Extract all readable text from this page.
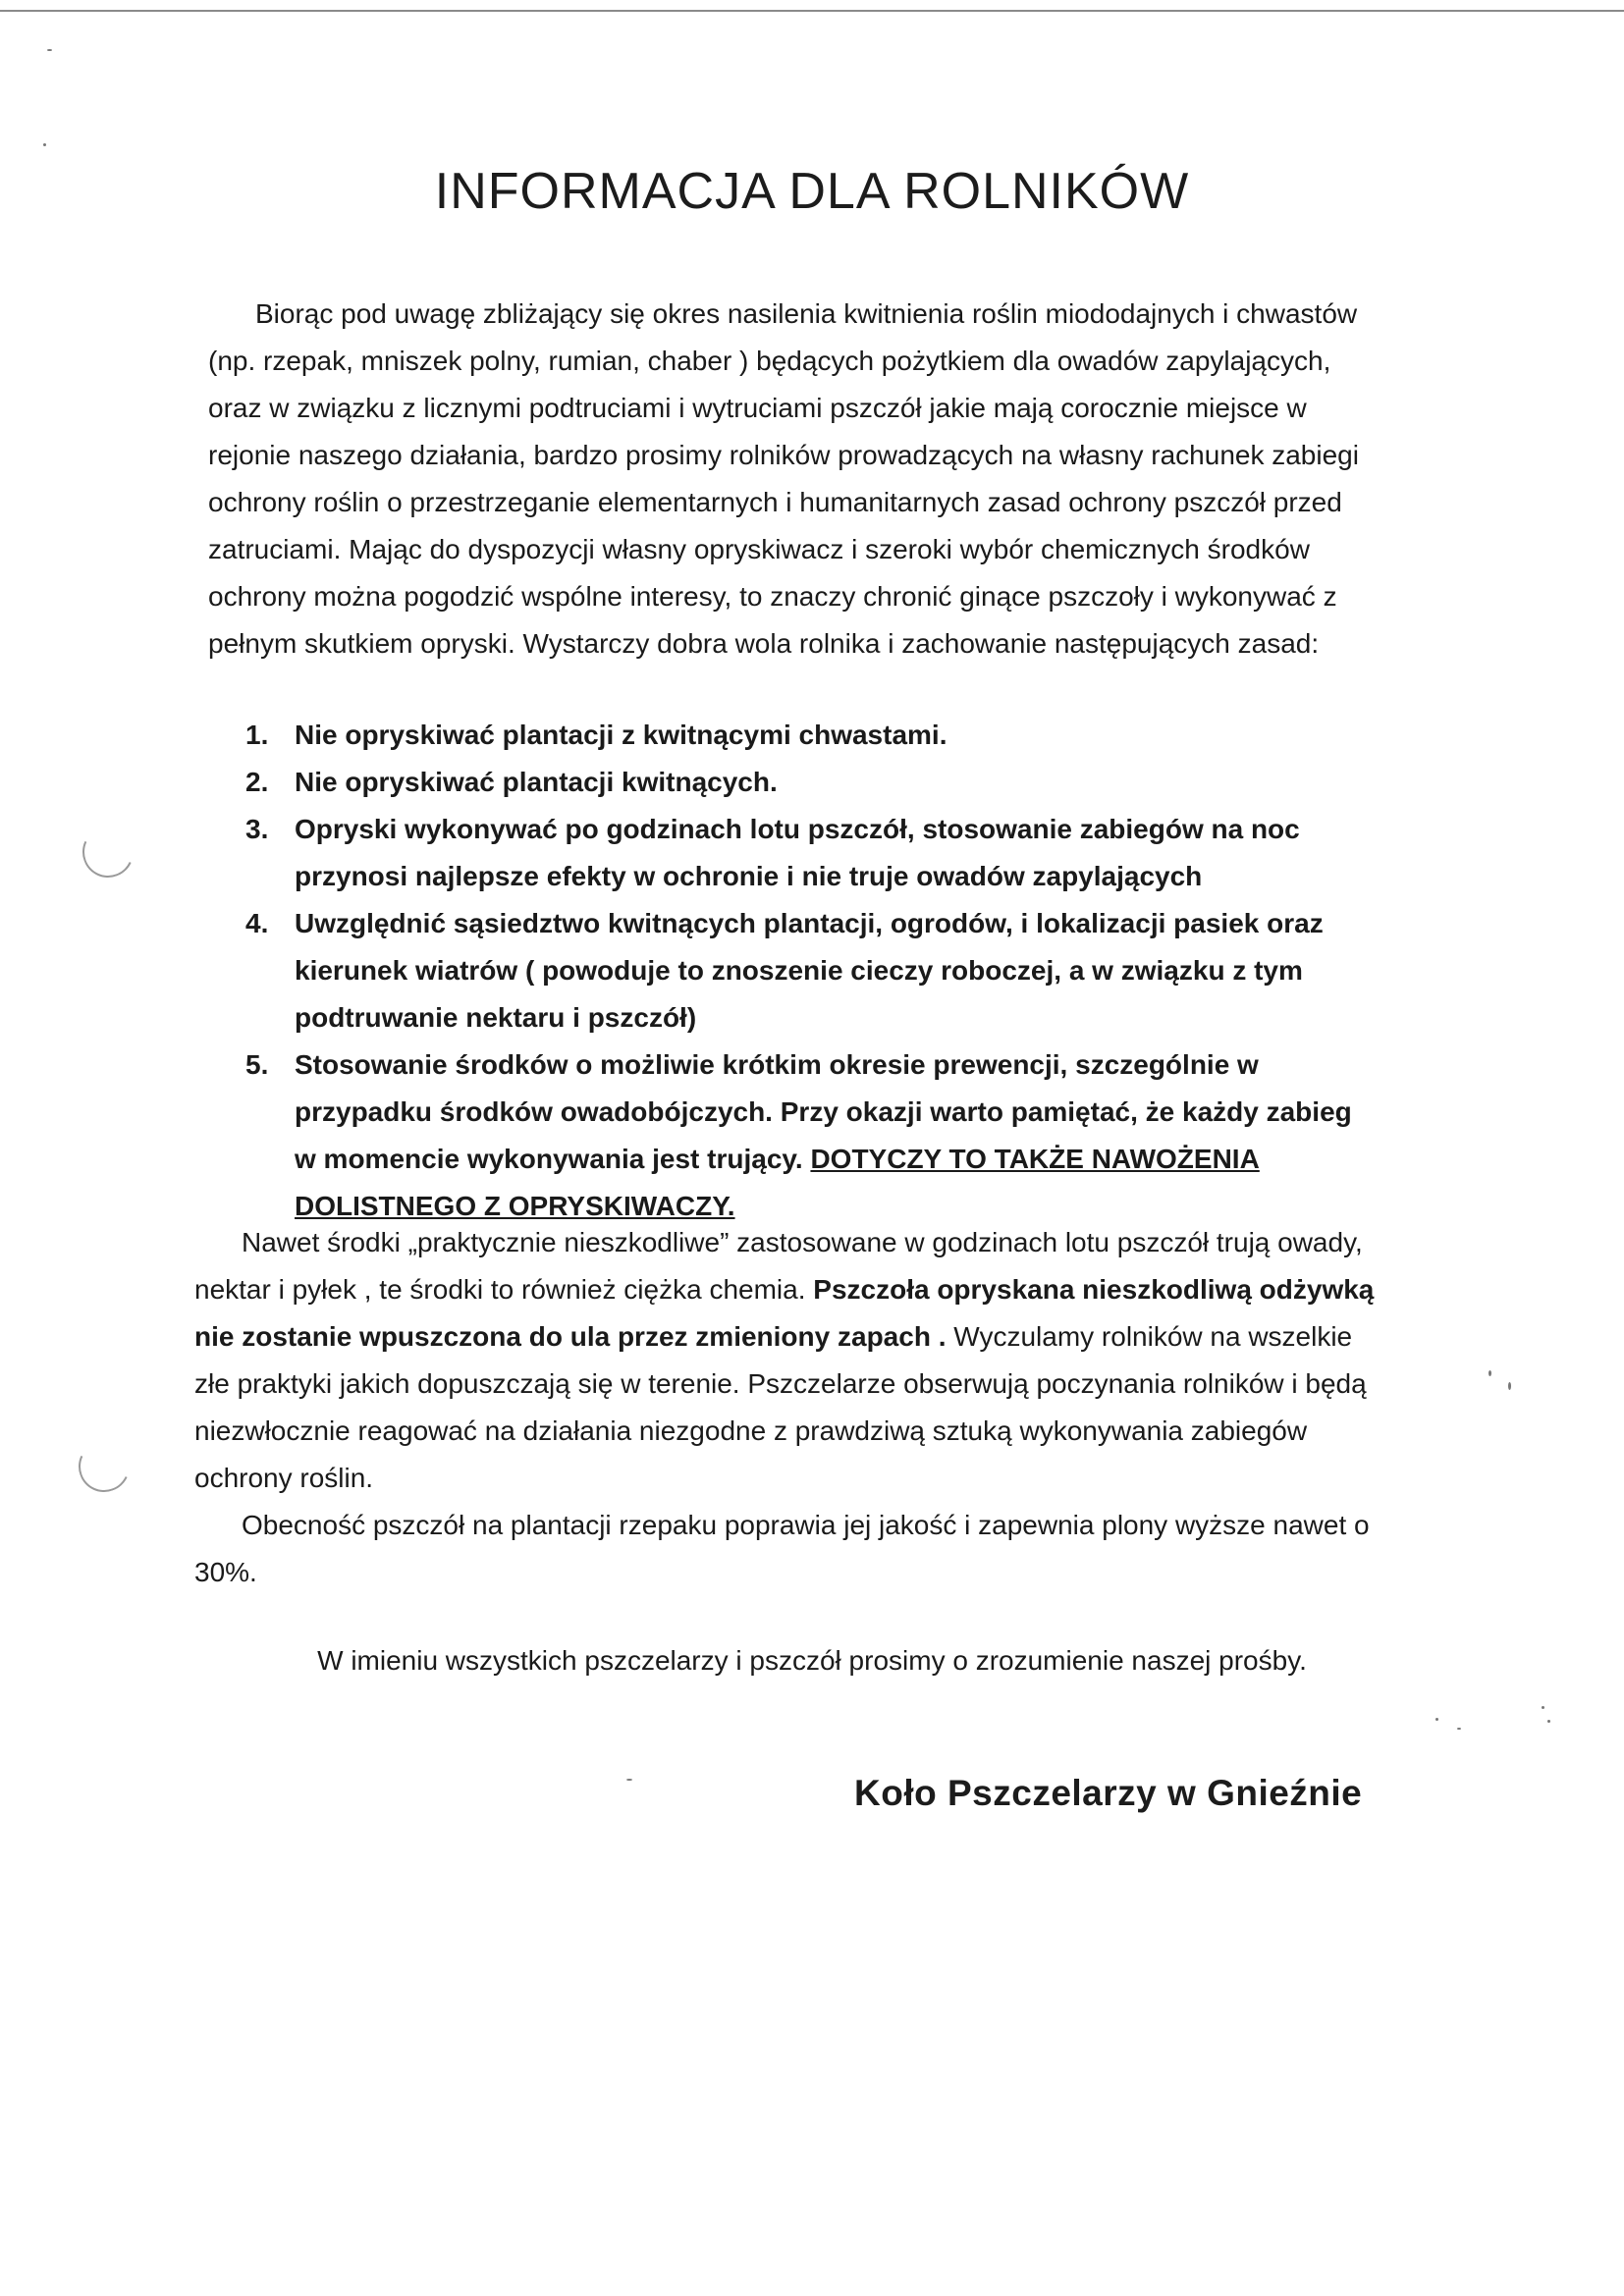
INFORMACJA DLA ROLNIKÓW

Biorąc pod uwagę zbliżający się okres nasilenia kwitnienia roślin miododajnych i chwastów (np. rzepak, mniszek polny, rumian, chaber ) będących pożytkiem dla owadów zapylających, oraz w związku z licznymi podtruciami i wytruciami pszczół jakie mają corocznie miejsce w rejonie naszego działania, bardzo prosimy rolników prowadzących na własny rachunek zabiegi ochrony roślin o przestrzeganie elementarnych i humanitarnych zasad ochrony pszczół przed zatruciami. Mając do dyspozycji własny opryskiwacz i szeroki wybór chemicznych środków ochrony można pogodzić wspólne interesy, to znaczy chronić ginące pszczoły i wykonywać z pełnym skutkiem opryski. Wystarczy dobra wola rolnika i zachowanie następujących zasad:

1. Nie opryskiwać plantacji z kwitnącymi chwastami.
2. Nie opryskiwać plantacji kwitnących.
3. Opryski wykonywać po godzinach lotu pszczół, stosowanie zabiegów na noc przynosi najlepsze efekty w ochronie i nie truje owadów zapylających
4. Uwzględnić sąsiedztwo kwitnących plantacji, ogrodów, i lokalizacji pasiek oraz kierunek wiatrów ( powoduje to znoszenie cieczy roboczej, a w związku z tym podtruwanie nektaru i pszczół)
5. Stosowanie środków o możliwie krótkim okresie prewencji, szczególnie w przypadku środków owadobójczych. Przy okazji warto pamiętać, że każdy zabieg w momencie wykonywania jest trujący. DOTYCZY TO TAKŻE NAWOŻENIA DOLISTNEGO Z OPRYSKIWACZY.

Nawet środki „praktycznie nieszkodliwe” zastosowane w godzinach lotu pszczół trują owady, nektar i pyłek , te środki to również ciężka chemia. Pszczoła opryskana nieszkodliwą odżywką nie zostanie wpuszczona do ula przez zmieniony zapach . Wyczulamy rolników na wszelkie złe praktyki jakich dopuszczają się w terenie. Pszczelarze obserwują poczynania rolników i będą niezwłocznie reagować na działania niezgodne z prawdziwą sztuką wykonywania zabiegów ochrony roślin.

Obecność pszczół na plantacji rzepaku poprawia jej jakość i zapewnia plony wyższe nawet o 30%.

W imieniu wszystkich pszczelarzy i pszczół prosimy o zrozumienie naszej prośby.
Koło Pszczelarzy w Gnieźnie
